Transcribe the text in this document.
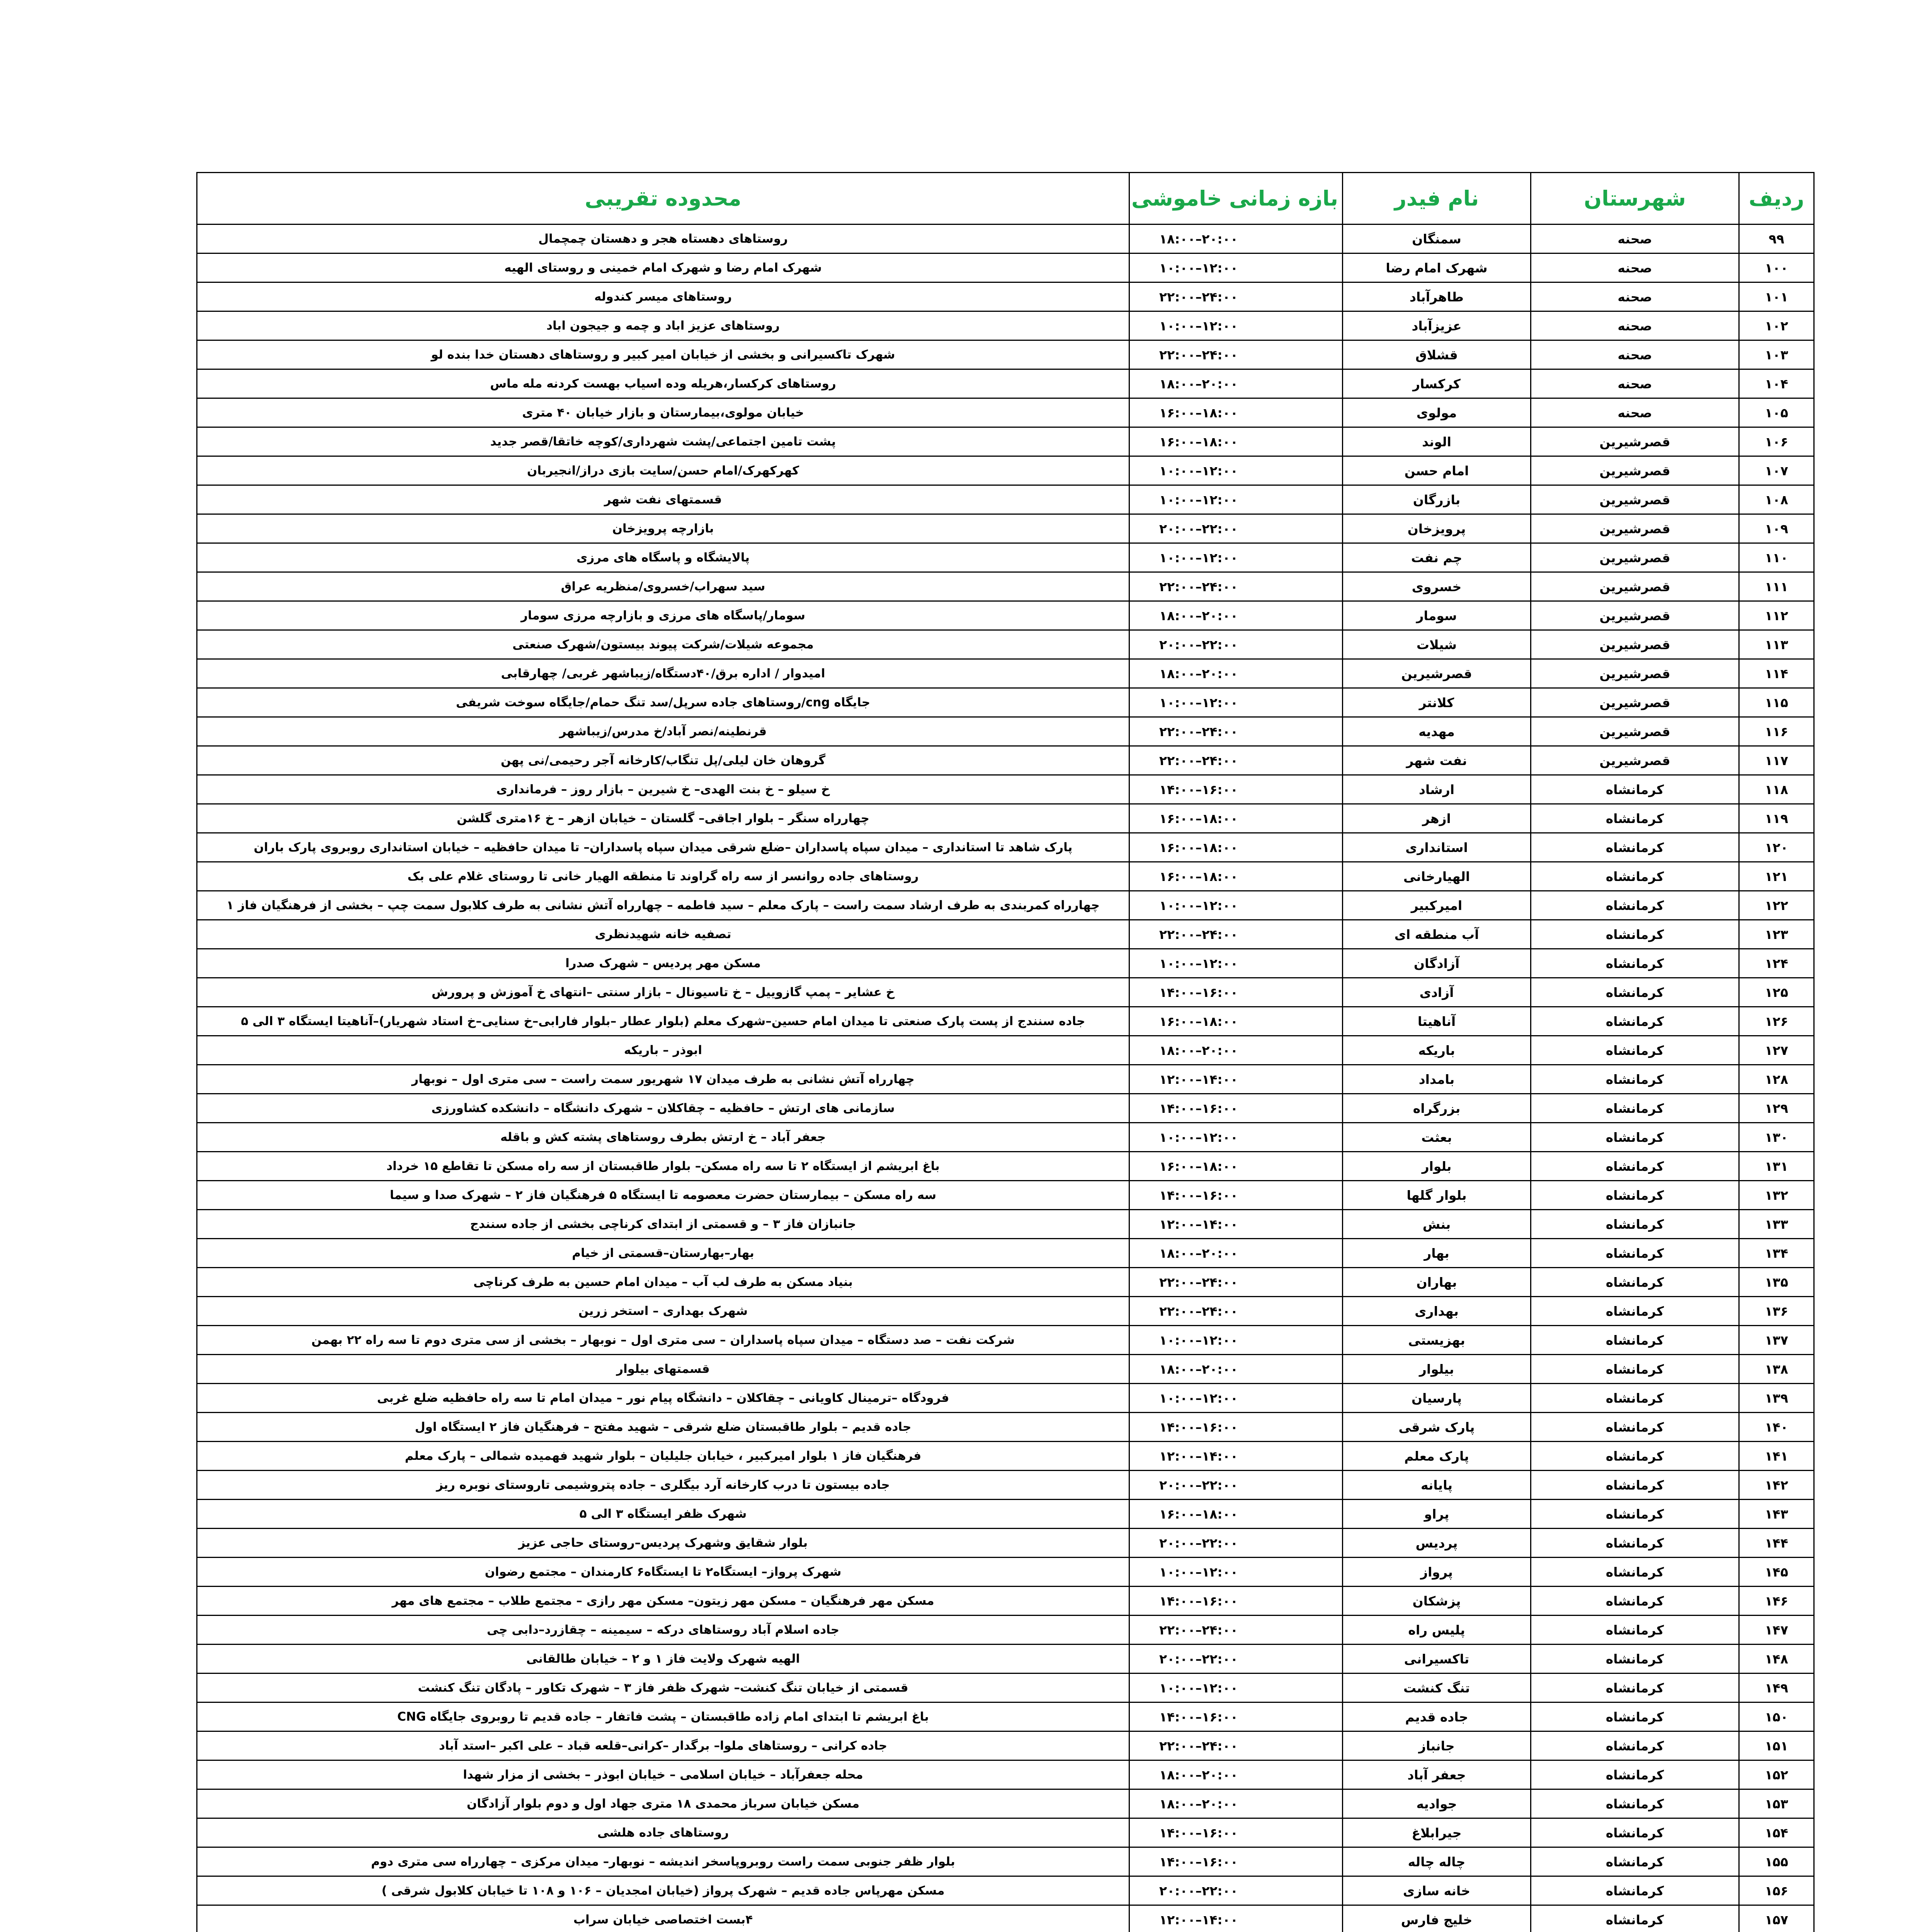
ردیف	شهرستان	نام فیدر	بازه زمانی خاموشی	محدوده تقریبی
۹۹	صحنه	سمنگان	۱۸:۰۰–۲۰:۰۰	روستاهای دهستاه هجر و دهستان چمچمال
۱۰۰	صحنه	شهرک امام رضا	۱۰:۰۰–۱۲:۰۰	شهرک امام رضا و شهرک امام خمینی و روستای الهیه
۱۰۱	صحنه	طاهرآباد	۲۲:۰۰–۲۴:۰۰	روستاهای میسر کندوله
۱۰۲	صحنه	عزیزآباد	۱۰:۰۰–۱۲:۰۰	روستاهای عزیز اباد و چمه و جیجون اباد
۱۰۳	صحنه	قشلاق	۲۲:۰۰–۲۴:۰۰	شهرک تاکسیرانی و بخشی از خیابان امیر کبیر و روستاهای دهستان خدا بنده لو
۱۰۴	صحنه	کرکسار	۱۸:۰۰–۲۰:۰۰	روستاهای کرکسار،هریله وده اسیاب بهست کردنه مله ماس
۱۰۵	صحنه	مولوی	۱۶:۰۰–۱۸:۰۰	خیابان مولوی،بیمارستان و بازار خیابان ۴۰ متری
۱۰۶	قصرشیرین	الوند	۱۶:۰۰–۱۸:۰۰	پشت تامین اجتماعی/پشت شهرداری/کوچه خاتقا/قصر جدید
۱۰۷	قصرشیرین	امام حسن	۱۰:۰۰–۱۲:۰۰	کهرکهرک/امام حسن/سایت بازی دراز/انجیربان
۱۰۸	قصرشیرین	بازرگان	۱۰:۰۰–۱۲:۰۰	قسمتهای نفت شهر
۱۰۹	قصرشیرین	پرویزخان	۲۰:۰۰–۲۲:۰۰	بازارچه پرویزخان
۱۱۰	قصرشیرین	چم نفت	۱۰:۰۰–۱۲:۰۰	پالایشگاه و پاسگاه های مرزی
۱۱۱	قصرشیرین	خسروی	۲۲:۰۰–۲۴:۰۰	سید سهراب/خسروی/منظریه عراق
۱۱۲	قصرشیرین	سومار	۱۸:۰۰–۲۰:۰۰	سومار/پاسگاه های مرزی و بازارچه مرزی سومار
۱۱۳	قصرشیرین	شیلات	۲۰:۰۰–۲۲:۰۰	مجموعه شیلات/شرکت پیوند بیستون/شهرک صنعتی
۱۱۴	قصرشیرین	قصرشیرین	۱۸:۰۰–۲۰:۰۰	امیدوار / اداره برق/۴۰دستگاه/زیباشهر غربی/ چهارقابی
۱۱۵	قصرشیرین	کلانتر	۱۰:۰۰–۱۲:۰۰	جایگاه cng/روستاهای جاده سرپل/سد تنگ حمام/جایگاه سوخت شریفی
۱۱۶	قصرشیرین	مهدیه	۲۲:۰۰–۲۴:۰۰	قرنطینه/نصر آباد/خ مدرس/زیباشهر
۱۱۷	قصرشیرین	نفت شهر	۲۲:۰۰–۲۴:۰۰	گروهان خان لیلی/پل تنگاب/کارخانه آجر رحیمی/نی پهن
۱۱۸	کرمانشاه	ارشاد	۱۴:۰۰–۱۶:۰۰	خ سیلو – خ بنت الهدی– خ شیرین – بازار روز – فرمانداری
۱۱۹	کرمانشاه	ازهر	۱۶:۰۰–۱۸:۰۰	چهارراه سنگر – بلوار اجاقی– گلستان – خیابان ازهر – خ ۱۶متری گلشن
۱۲۰	کرمانشاه	استانداری	۱۶:۰۰–۱۸:۰۰	پارک شاهد تا استانداری – میدان سپاه پاسداران –ضلع شرقی میدان سپاه پاسداران– تا میدان حافظیه – خیابان استانداری روبروی پارک باران
۱۲۱	کرمانشاه	الهیارخانی	۱۶:۰۰–۱۸:۰۰	روستاهای جاده روانسر از سه راه گراوند تا منطقه الهیار خانی تا روستای غلام علی بک
۱۲۲	کرمانشاه	امیرکبیر	۱۰:۰۰–۱۲:۰۰	چهارراه کمربندی به طرف ارشاد سمت راست – پارک معلم – سید فاطمه – چهارراه آتش نشانی به طرف کلابول سمت چپ – بخشی از فرهنگیان فاز ۱
۱۲۳	کرمانشاه	آب منطقه ای	۲۲:۰۰–۲۴:۰۰	تصفیه خانه شهیدنظری
۱۲۴	کرمانشاه	آزادگان	۱۰:۰۰–۱۲:۰۰	مسکن مهر پردیس – شهرک صدرا
۱۲۵	کرمانشاه	آزادی	۱۴:۰۰–۱۶:۰۰	خ عشایر – پمپ گازوییل – خ تاسیونال – بازار سنتی –انتهای خ آموزش و پرورش
۱۲۶	کرمانشاه	آناهیتا	۱۶:۰۰–۱۸:۰۰	جاده سنندج از پست پارک صنعتی تا میدان امام حسین–شهرک معلم (بلوار عطار –بلوار فارابی–خ سنایی–خ استاد شهریار)–آناهیتا ایستگاه ۳ الی ۵
۱۲۷	کرمانشاه	باریکه	۱۸:۰۰–۲۰:۰۰	ابوذر – باریکه
۱۲۸	کرمانشاه	بامداد	۱۲:۰۰–۱۴:۰۰	چهارراه آتش نشانی به طرف میدان ۱۷ شهریور سمت راست – سی متری اول – نوبهار
۱۲۹	کرمانشاه	بزرگراه	۱۴:۰۰–۱۶:۰۰	سازمانی های ارتش – حافظیه – چقاکلان – شهرک دانشگاه – دانشکده کشاورزی
۱۳۰	کرمانشاه	بعثت	۱۰:۰۰–۱۲:۰۰	جعفر آباد – خ ارتش بطرف روستاهای پشته کش و باقله
۱۳۱	کرمانشاه	بلوار	۱۶:۰۰–۱۸:۰۰	باغ ابریشم از ایستگاه ۲ تا سه راه مسکن– بلوار طاقبستان از سه راه مسکن تا تقاطع ۱۵ خرداد
۱۳۲	کرمانشاه	بلوار گلها	۱۴:۰۰–۱۶:۰۰	سه راه مسکن – بیمارستان حضرت معصومه تا ایستگاه ۵ فرهنگیان فاز ۲ – شهرک صدا و سیما
۱۳۳	کرمانشاه	بنش	۱۲:۰۰–۱۴:۰۰	جانبازان فاز ۳ – و قسمتی از ابتدای کرناچی بخشی از جاده سنندج
۱۳۴	کرمانشاه	بهار	۱۸:۰۰–۲۰:۰۰	بهار–بهارستان–قسمتی از خیام
۱۳۵	کرمانشاه	بهاران	۲۲:۰۰–۲۴:۰۰	بنیاد مسکن به طرف لب آب – میدان امام حسین به طرف کرناچی
۱۳۶	کرمانشاه	بهداری	۲۲:۰۰–۲۴:۰۰	شهرک بهداری – استخر زرین
۱۳۷	کرمانشاه	بهزیستی	۱۰:۰۰–۱۲:۰۰	شرکت نفت – صد دستگاه – میدان سپاه پاسداران – سی متری اول – نوبهار – بخشی از سی متری دوم تا سه راه ۲۲ بهمن
۱۳۸	کرمانشاه	بیلوار	۱۸:۰۰–۲۰:۰۰	قسمتهای بیلوار
۱۳۹	کرمانشاه	پارسیان	۱۰:۰۰–۱۲:۰۰	فرودگاه –ترمینال کاویانی – چقاکلان – دانشگاه پیام نور – میدان امام تا سه راه حافظیه ضلع غربی
۱۴۰	کرمانشاه	پارک شرقی	۱۴:۰۰–۱۶:۰۰	جاده قدیم – بلوار طاقبستان ضلع شرقی – شهید مفتح – فرهنگیان فاز ۲ ایستگاه اول
۱۴۱	کرمانشاه	پارک معلم	۱۲:۰۰–۱۴:۰۰	فرهنگیان فاز ۱ بلوار امیرکبیر ، خیابان جلیلیان – بلوار شهید فهمیده شمالی – پارک معلم
۱۴۲	کرمانشاه	پایانه	۲۰:۰۰–۲۲:۰۰	جاده بیستون تا درب کارخانه آرد بیگلری – جاده پتروشیمی تاروستای نوبره ریز
۱۴۳	کرمانشاه	پراو	۱۶:۰۰–۱۸:۰۰	شهرک ظفر ایستگاه ۳ الی ۵
۱۴۴	کرمانشاه	پردیس	۲۰:۰۰–۲۲:۰۰	بلوار شقایق وشهرک پردیس–روستای حاجی عزیز
۱۴۵	کرمانشاه	پرواز	۱۰:۰۰–۱۲:۰۰	شهرک پرواز– ایستگاه۲ تا ایستگاه۶ کارمندان – مجتمع رضوان
۱۴۶	کرمانشاه	پزشکان	۱۴:۰۰–۱۶:۰۰	مسکن مهر فرهنگیان – مسکن مهر زیتون– مسکن مهر رازی – مجتمع طلاب – مجتمع های مهر
۱۴۷	کرمانشاه	پلیس راه	۲۲:۰۰–۲۴:۰۰	جاده اسلام آباد روستاهای درکه – سیمینه – چقازرد–دابی چی
۱۴۸	کرمانشاه	تاکسیرانی	۲۰:۰۰–۲۲:۰۰	الهیه شهرک ولایت فاز ۱ و ۲ – خیابان طالقانی
۱۴۹	کرمانشاه	تنگ کنشت	۱۰:۰۰–۱۲:۰۰	قسمتی از خیابان تنگ کنشت– شهرک ظفر فاز ۳ – شهرک تکاور – پادگان تنگ کنشت
۱۵۰	کرمانشاه	جاده قدیم	۱۴:۰۰–۱۶:۰۰	باغ ابریشم تا ابتدای امام زاده طاقبستان – پشت فاتفار – جاده قدیم تا روبروی جایگاه CNG
۱۵۱	کرمانشاه	جانباز	۲۲:۰۰–۲۴:۰۰	جاده کرانی – روستاهای ملوا– برگدار –کرانی–قلعه قباد – علی اکبر –استد آباد
۱۵۲	کرمانشاه	جعفر آباد	۱۸:۰۰–۲۰:۰۰	محله جعفرآباد – خیابان اسلامی – خیابان ابوذر – بخشی از مزار شهدا
۱۵۳	کرمانشاه	جوادیه	۱۸:۰۰–۲۰:۰۰	مسکن خیابان سرباز محمدی ۱۸ متری جهاد اول و دوم بلوار آزادگان
۱۵۴	کرمانشاه	جیرابلاغ	۱۴:۰۰–۱۶:۰۰	روستاهای جاده هلشی
۱۵۵	کرمانشاه	چاله چاله	۱۴:۰۰–۱۶:۰۰	بلوار ظفر جنوبی سمت راست روبروپاسخر اندیشه – نوبهار– میدان مرکزی – چهارراه سی متری دوم
۱۵۶	کرمانشاه	خانه سازی	۲۰:۰۰–۲۲:۰۰	مسکن مهرپاس جاده قدیم – شهرک پرواز (خیابان امجدیان – ۱۰۶ و ۱۰۸ تا خیابان کلابول شرقی )
۱۵۷	کرمانشاه	خلیج فارس	۱۲:۰۰–۱۴:۰۰	۴بست اختصاصی خیابان سراب
